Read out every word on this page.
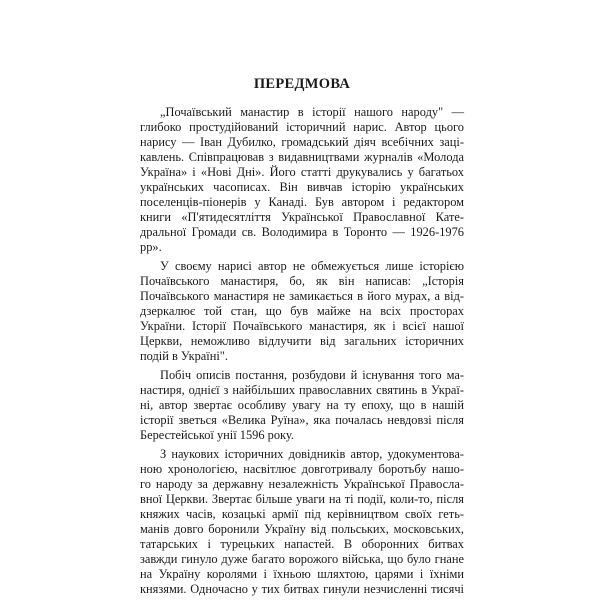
ПЕРЕДМОВА
„Почаївський манастир в історії нашого народу" —
глибоко простудійований історичний нарис. Автор цього
нарису — Іван Дубилко, громадський діяч всебічних заці-
кавлень. Співпрацював з видавництвами журналів «Молода
Україна» і «Нові Дні». Його статті друкувались у багатьох
українських часописах. Він вивчав історію українських
поселенців-піонерів у Канаді. Був автором і редактором
книги «П'ятидесятліття Української Православної Кате-
дральної Громади св. Володимира в Торонто — 1926-1976
рр».
У своєму нарисі автор не обмежується лише історією
Почаївського манастиря, бо, як він написав: „Історія
Почаївського манастиря не замикається в його мурах, а від-
дзеркалює той стан, що був майже на всіх просторах
України. Історії Почаївського манастиря, як і всієї нашої
Церкви, неможливо відлучити від загальних історичних
подій в Україні".
Побіч описів постання, розбудови й існування того ма-
настиря, однієї з найбільших православних святинь в Украї-
ні, автор звертає особливу увагу на ту епоху, що в нашій
історії зветься «Велика Руїна», яка почалась невдовзі після
Берестейської унії 1596 року.
З наукових історичних довідників автор, удокументова-
ною хронологією, насвітлює довготривалу боротьбу нашо-
го народу за державну незалежність Української Правосла-
вної Церкви. Звертає більше уваги на ті події, коли-то, після
княжих часів, козацькі армії під керівництвом своїх геть-
манів довго боронили Україну від польських, московських,
татарських і турецьких напастей. В оборонних битвах
завжди гинуло дуже багато ворожого війська, що було гнане
на Україну королями і їхньою шляхтою, царями і їхніми
князями. Одночасно у тих битвах гинули незчисленні тисячі
